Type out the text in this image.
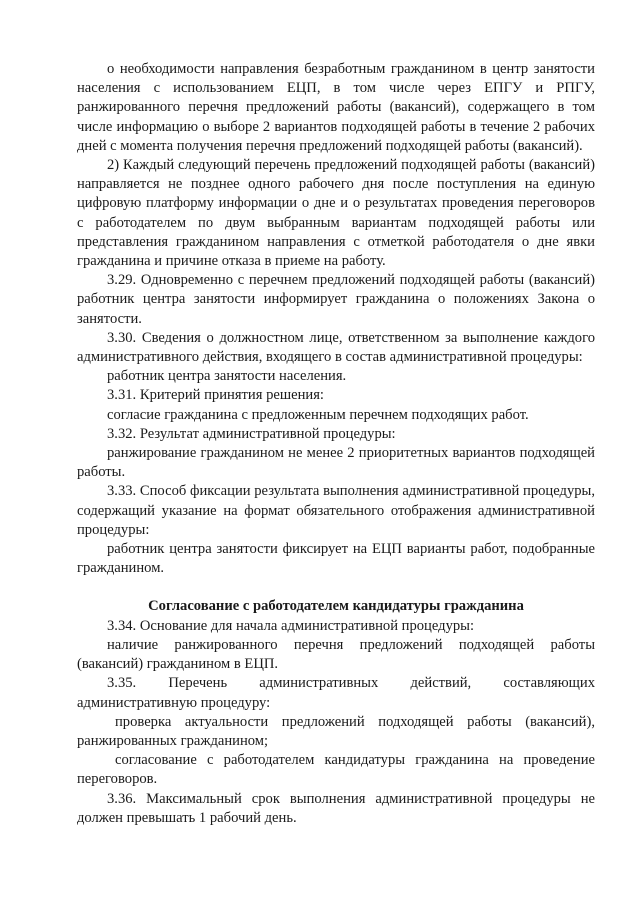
о необходимости направления безработным гражданином в центр занятости населения с использованием ЕЦП, в том числе через ЕПГУ и РПГУ, ранжированного перечня предложений работы (вакансий), содержащего в том числе информацию о выборе 2 вариантов подходящей работы в течение 2 рабочих дней с момента получения перечня предложений подходящей работы (вакансий).

2) Каждый следующий перечень предложений подходящей работы (вакансий) направляется не позднее одного рабочего дня после поступления на единую цифровую платформу информации о дне и о результатах проведения переговоров с работодателем по двум выбранным вариантам подходящей работы или представления гражданином направления с отметкой работодателя о дне явки гражданина и причине отказа в приеме на работу.

3.29. Одновременно с перечнем предложений подходящей работы (вакансий) работник центра занятости информирует гражданина о положениях Закона о занятости.

3.30. Сведения о должностном лице, ответственном за выполнение каждого административного действия, входящего в состав административной процедуры:

работник центра занятости населения.

3.31. Критерий принятия решения:

согласие гражданина с предложенным перечнем подходящих работ.

3.32. Результат административной процедуры:

ранжирование гражданином не менее 2 приоритетных вариантов подходящей работы.

3.33. Способ фиксации результата выполнения административной процедуры, содержащий указание на формат обязательного отображения административной процедуры:

работник центра занятости фиксирует на ЕЦП варианты работ, подобранные гражданином.

Согласование с работодателем кандидатуры гражданина

3.34. Основание для начала административной процедуры:

наличие ранжированного перечня предложений подходящей работы (вакансий) гражданином в ЕЦП.

3.35. Перечень административных действий, составляющих административную процедуру:

проверка актуальности предложений подходящей работы (вакансий), ранжированных гражданином;

согласование с работодателем кандидатуры гражданина на проведение переговоров.

3.36. Максимальный срок выполнения административной процедуры не должен превышать 1 рабочий день.
